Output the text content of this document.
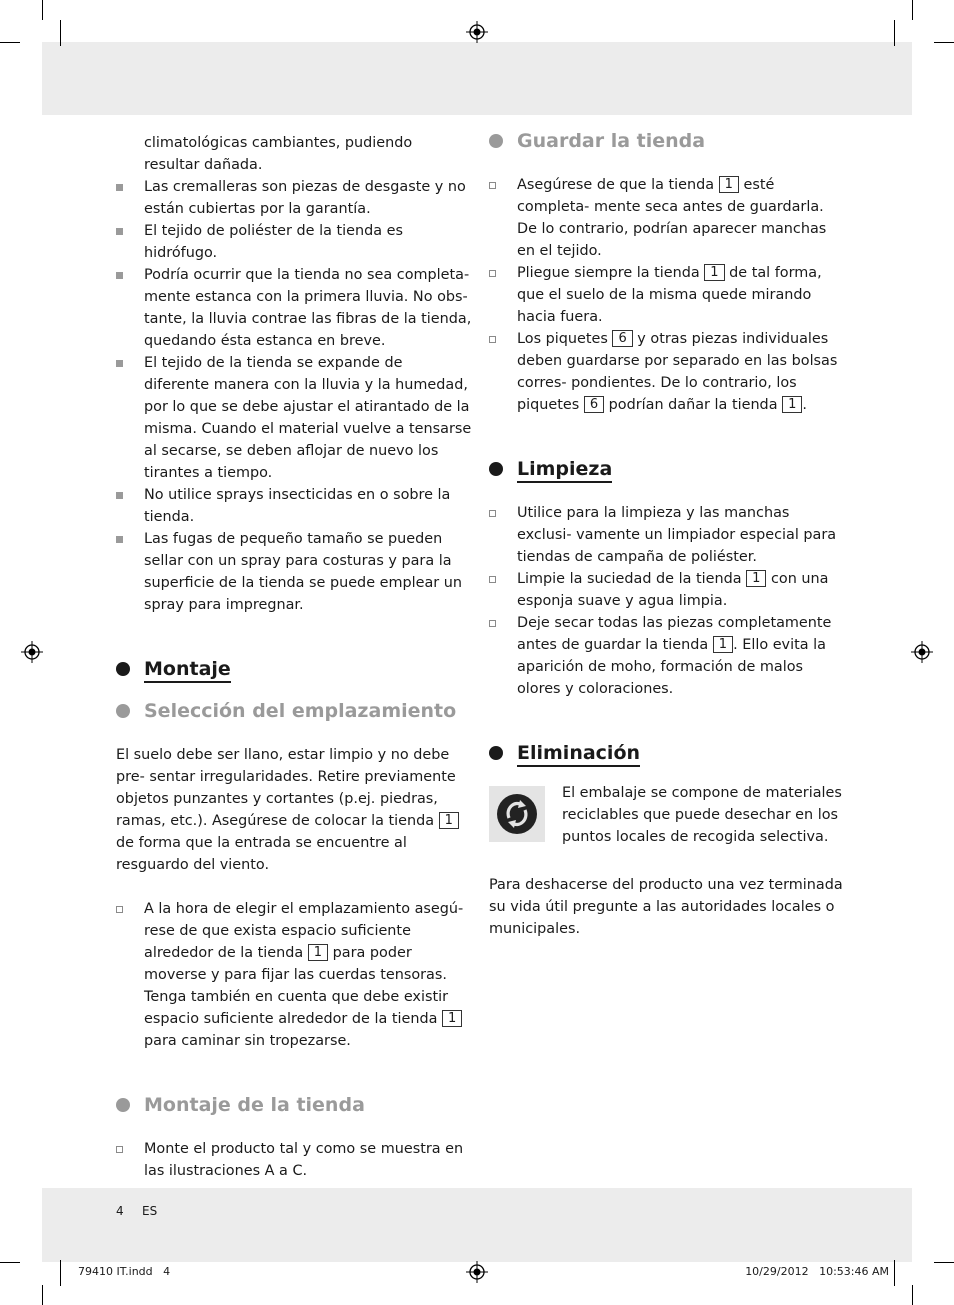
climatológicas cambiantes, pudiendo resultar dañada.

Las cremalleras son piezas de desgaste y no están cubiertas por la garantía.

El tejido de poliéster de la tienda es hidrófugo.

Podría ocurrir que la tienda no sea completa- mente estanca con la primera lluvia. No obs- tante, la lluvia contrae las fibras de la tienda, quedando ésta estanca en breve.

El tejido de la tienda se expande de diferente manera con la lluvia y la humedad, por lo que se debe ajustar el atirantado de la misma. Cuando el material vuelve a tensarse al secarse, se deben aflojar de nuevo los tirantes a tiempo.

No utilice sprays insecticidas en o sobre la tienda.

Las fugas de pequeño tamaño se pueden sellar con un spray para costuras y para la superficie de la tienda se puede emplear un spray para impregnar.

Montaje

Selección del emplazamiento

El suelo debe ser llano, estar limpio y no debe pre- sentar irregularidades. Retire previamente objetos punzantes y cortantes (p.ej. piedras, ramas, etc.). Asegúrese de colocar la tienda 1 de forma que la entrada se encuentre al resguardo del viento.

A la hora de elegir el emplazamiento asegú- rese de que exista espacio suficiente alrededor de la tienda 1 para poder moverse y para fijar las cuerdas tensoras. Tenga también en cuenta que debe existir espacio suficiente alrededor de la tienda 1 para caminar sin tropezarse.

Montaje de la tienda

Monte el producto tal y como se muestra en las ilustraciones A a C.

Guardar la tienda

Asegúrese de que la tienda 1 esté completa- mente seca antes de guardarla. De lo contrario, podrían aparecer manchas en el tejido.

Pliegue siempre la tienda 1 de tal forma, que el suelo de la misma quede mirando hacia fuera.

Los piquetes 6 y otras piezas individuales deben guardarse por separado en las bolsas corres- pondientes. De lo contrario, los piquetes 6 podrían dañar la tienda 1 .

Limpieza

Utilice para la limpieza y las manchas exclusi- vamente un limpiador especial para tiendas de campaña de poliéster.

Limpie la suciedad de la tienda 1 con una esponja suave y agua limpia.

Deje secar todas las piezas completamente antes de guardar la tienda 1 . Ello evita la aparición de moho, formación de malos olores y coloraciones.

Eliminación

El embalaje se compone de materiales reciclables que puede desechar en los puntos locales de recogida selectiva.

Para deshacerse del producto una vez terminada su vida útil pregunte a las autoridades locales o municipales.

4 ES
79410 IT.indd   4	10/29/2012   10:53:46 AM
